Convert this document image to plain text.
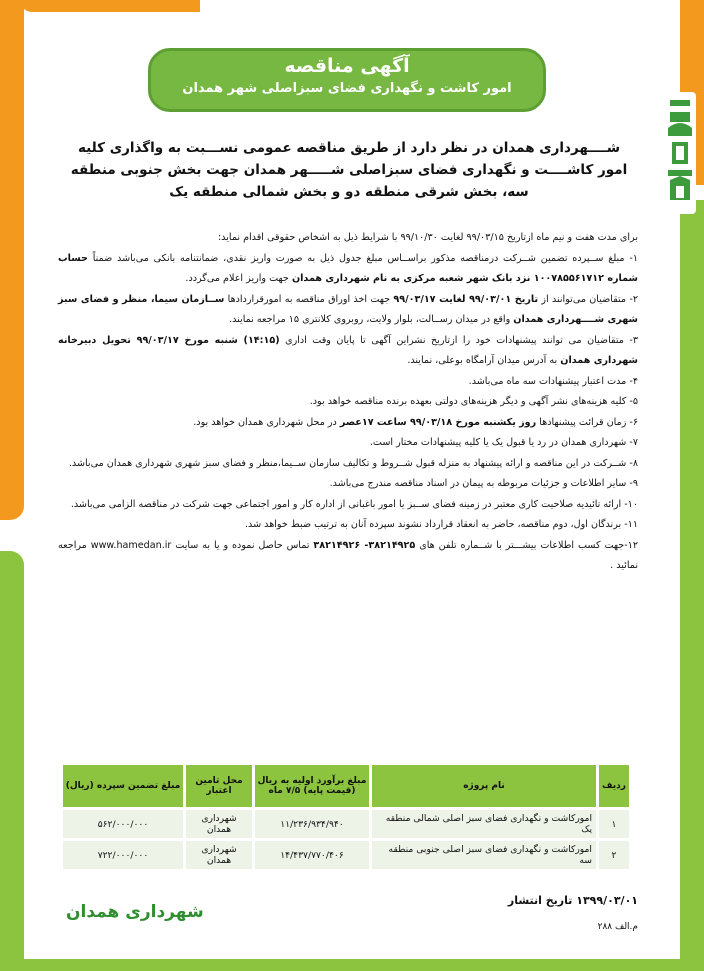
آگهی مناقصه
امور کاشت و نگهداری فضای سبزاصلی شهر همدان
شــــهرداری همدان در نظر دارد از طریق مناقصه عمومی نســـبت به واگذاری کلیه امور کاشــــت و نگهداری فضای سبزاصلی شـــــهر همدان جهت بخش جنوبی منطقه سه، بخش شرقی منطقه دو و بخش شمالی منطقه یک

برای مدت هفت و نیم ماه ازتاریخ ۹۹/۰۳/۱۵ لغایت ۹۹/۱۰/۳۰ با شرایط ذیل به اشخاص حقوقی اقدام نماید:

۱- مبلغ ســپرده تضمین شــرکت درمناقصه مذکور براســاس مبلغ جدول ذیل به صورت واریز نقدی، ضمانتنامه بانکی می‌باشد ضمناً حساب شماره ۱۰۰۷۸۵۵۶۱۷۱۲ نزد بانک شهر شعبه مرکزی به نام شهرداری همدان جهت واریز اعلام می‌گردد.

۲- متقاضیان می‌توانند از تاریخ ۹۹/۰۳/۰۱ لغایت ۹۹/۰۳/۱۷ جهت اخذ اوراق مناقصه به امورقراردادها ســازمان سیما، منظر و فضای سبز شهری شــــهرداری همدان واقع در میدان رســالت، بلوار ولایت، روبروی کلانتری ۱۵ مراجعه نمایند.

۳- متقاضیان می توانند پیشنهادات خود را ازتاریخ نشراین آگهی تا پایان وقت اداری (۱۴:۱۵) شنبه مورخ ۹۹/۰۳/۱۷ تحویل دبیرخانه شهرداری همدان به آدرس میدان آرامگاه بوعلی، نمایند.

۴- مدت اعتبار پیشنهادات سه ماه می‌باشد.

۵- کلیه هزینه‌های نشر آگهی و دیگر هزینه‌های دولتی بعهده برنده مناقصه خواهد بود.

۶- زمان قرائت پیشنهادها روز یکشنبه مورخ ۹۹/۰۳/۱۸ ساعت ۱۷عصر در محل شهرداری همدان خواهد بود.

۷- شهرداری همدان در رد یا قبول یک یا کلیه پیشنهادات مختار است.

۸- شــرکت در این مناقصه و ارائه پیشنهاد به منزله قبول شــروط و تکالیف سازمان ســیما،منظر و فضای سبز شهری شهرداری همدان می‌باشد.

۹- سایر اطلاعات و جزئیات مربوطه به پیمان در اسناد مناقصه مندرج می‌باشد.

۱۰- ارائه تائیدیه صلاحیت کاری معتبر در زمینه فضای ســبز یا امور باغبانی از اداره کار و امور اجتماعی جهت شرکت در مناقصه الزامی می‌باشد.

۱۱- برندگان اول، دوم مناقصه، حاضر به انعقاد قرارداد نشوند سپرده آنان به ترتیب ضبط خواهد شد.

۱۲-جهت کسب اطلاعات بیشـــتر با شــماره تلفن های ۳۸۲۱۴۹۲۵- ۳۸۲۱۴۹۲۶ تماس حاصل نموده و یا به سایت www.hamedan.ir مراجعه نمائید .

ردیف	نام پروژه	مبلغ برآورد اولیه به ریال (قیمت پایه) ۷/۵ ماه	محل تامین اعتبار	مبلغ تضمین سپرده (ریال)
۱	امورکاشت و نگهداری فضای سبز اصلی شمالی منطقه یک	۱۱/۲۳۶/۹۳۴/۹۴۰	شهرداری همدان	۵۶۲/۰۰۰/۰۰۰
۲	امورکاشت و نگهداری فضای سبز اصلی جنوبی منطقه سه	۱۴/۴۳۷/۷۷۰/۴۰۶	شهرداری همدان	۷۲۲/۰۰۰/۰۰۰
تاریخ انتشار ۱۳۹۹/۰۳/۰۱
شهرداری همدان
م.الف ۲۸۸
